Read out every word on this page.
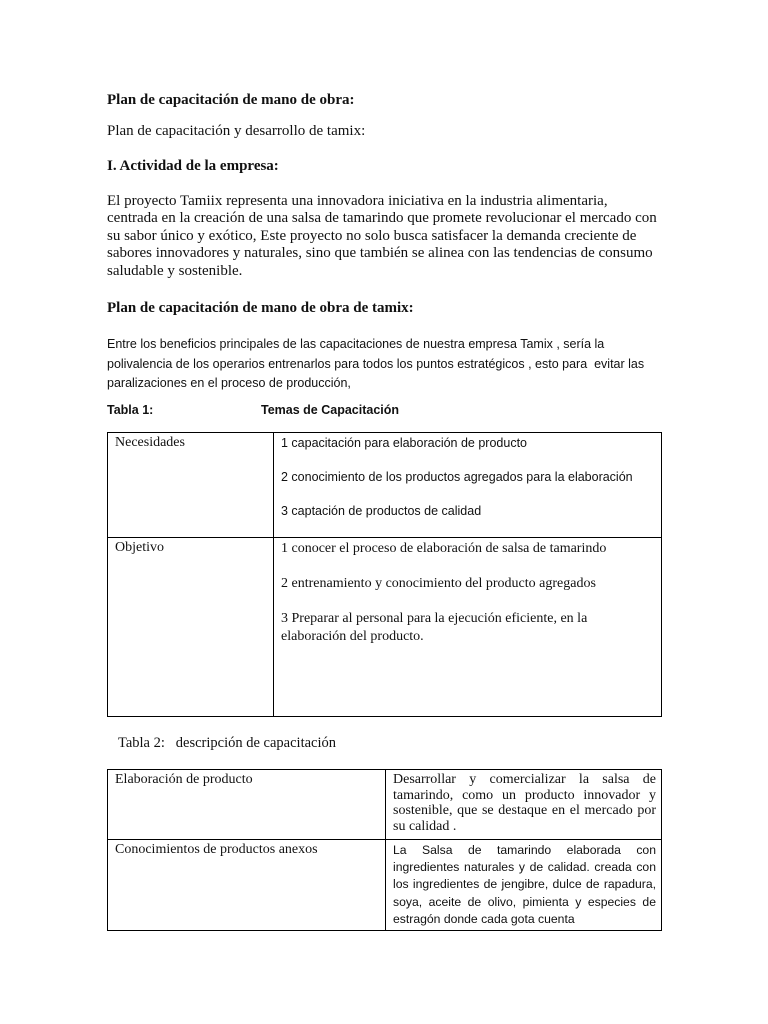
Plan de capacitación de mano de obra:

Plan de capacitación y desarrollo de tamix:

I. Actividad de la empresa:

El proyecto Tamiix representa una innovadora iniciativa en la industria alimentaria,
centrada en la creación de una salsa de tamarindo que promete revolucionar el mercado con
su sabor único y exótico, Este proyecto no solo busca satisfacer la demanda creciente de
sabores innovadores y naturales, sino que también se alinea con las tendencias de consumo
saludable y sostenible.

Plan de capacitación de mano de obra de tamix:

Entre los beneficios principales de las capacitaciones de nuestra empresa Tamix , sería la
polivalencia de los operarios entrenarlos para todos los puntos estratégicos , esto para  evitar las
paralizaciones en el proceso de producción,

Tabla 1:	Temas de Capacitación

Necesidades	1 capacitación para elaboración de producto

2 conocimiento de los productos agregados para la elaboración

3 captación de productos de calidad

Objetivo	1 conocer el proceso de elaboración de salsa de tamarindo

2 entrenamiento y conocimiento del producto agregados

3 Preparar al personal para la ejecución eficiente, en la elaboración del producto.

Tabla 2:   descripción de capacitación

Elaboración de producto	Desarrollar y comercializar la salsa de tamarindo, como un producto innovador y sostenible, que se destaque en el mercado por su calidad .
Conocimientos de productos anexos	La Salsa de tamarindo elaborada con ingredientes naturales y de calidad. creada con los ingredientes de jengibre, dulce de rapadura, soya, aceite de olivo, pimienta y especies de estragón donde cada gota cuenta
